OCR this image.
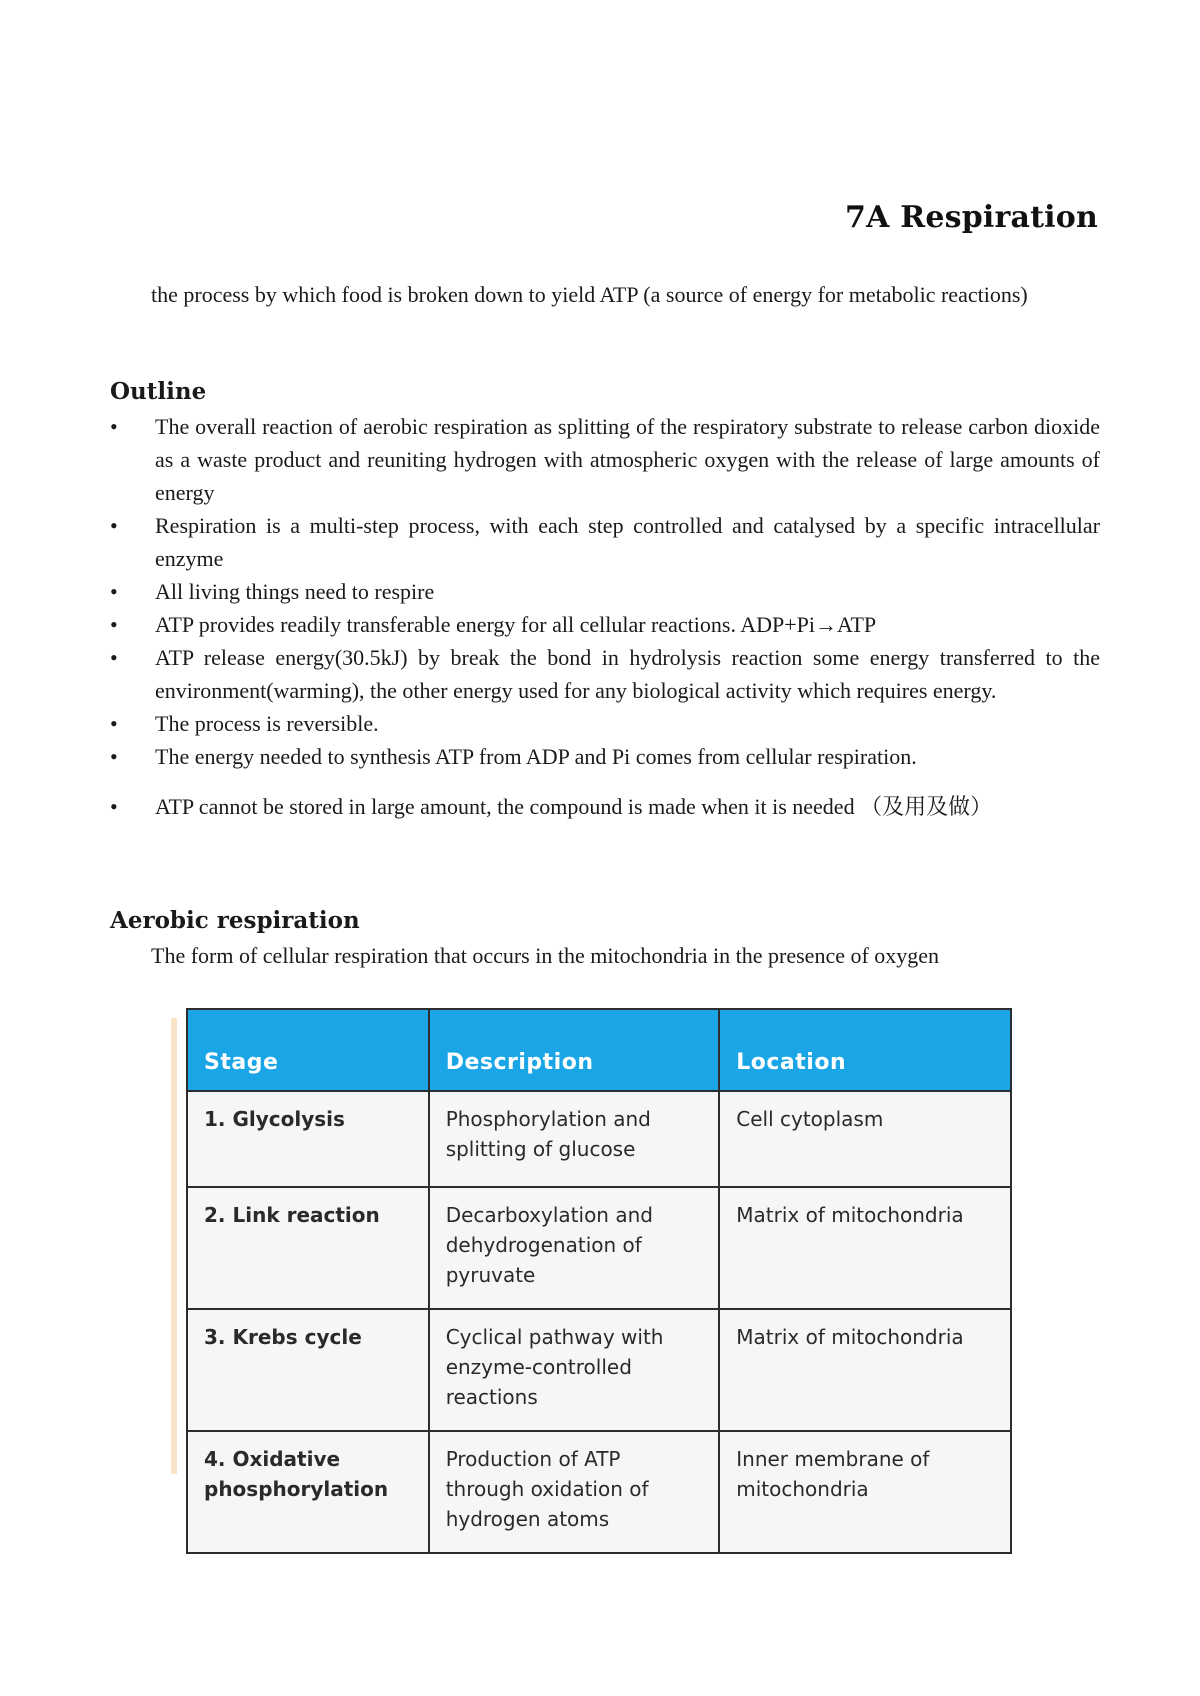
7A Respiration

the process by which food is broken down to yield ATP (a source of energy for metabolic reactions)

Outline
• The overall reaction of aerobic respiration as splitting of the respiratory substrate to release carbon dioxide as a waste product and reuniting hydrogen with atmospheric oxygen with the release of large amounts of energy
• Respiration is a multi-step process, with each step controlled and catalysed by a specific intracellular enzyme
• All living things need to respire
• ATP provides readily transferable energy for all cellular reactions. ADP+Pi→ATP
• ATP release energy(30.5kJ) by break the bond in hydrolysis reaction some energy transferred to the environment(warming), the other energy used for any biological activity which requires energy.
• The process is reversible.
• The energy needed to synthesis ATP from ADP and Pi comes from cellular respiration.
• ATP cannot be stored in large amount, the compound is made when it is needed （及用及做）
Aerobic respiration

The form of cellular respiration that occurs in the mitochondria in the presence of oxygen

Stage	Description	Location
1. Glycolysis	Phosphorylation and splitting of glucose	Cell cytoplasm
2. Link reaction	Decarboxylation and dehydrogenation of pyruvate	Matrix of mitochondria
3. Krebs cycle	Cyclical pathway with enzyme-controlled reactions	Matrix of mitochondria
4. Oxidative phosphorylation	Production of ATP through oxidation of hydrogen atoms	Inner membrane of mitochondria
